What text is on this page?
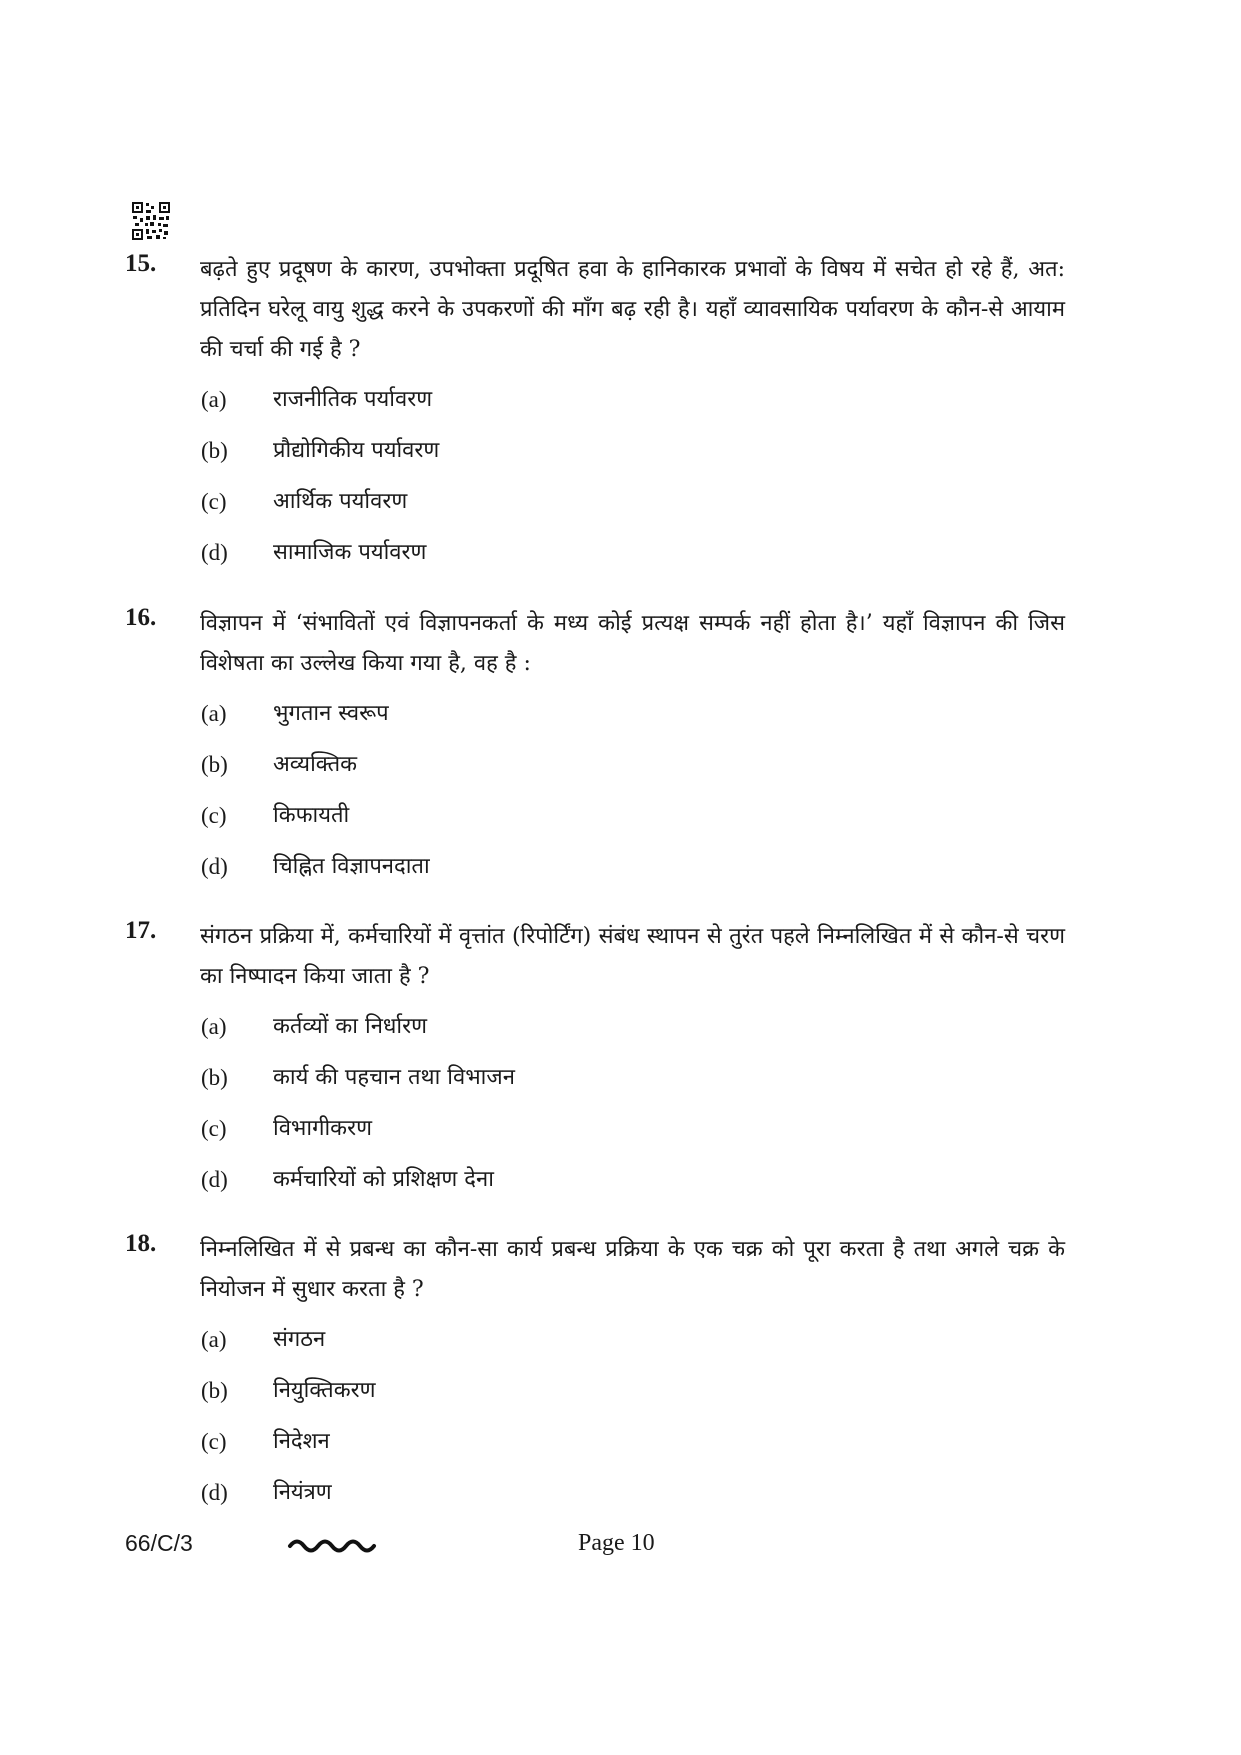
15. बढ़ते हुए प्रदूषण के कारण, उपभोक्ता प्रदूषित हवा के हानिकारक प्रभावों के विषय में सचेत हो रहे हैं, अत: प्रतिदिन घरेलू वायु शुद्ध करने के उपकरणों की माँग बढ़ रही है। यहाँ व्यावसायिक पर्यावरण के कौन-से आयाम की चर्चा की गई है ?
(a) राजनीतिक पर्यावरण
(b) प्रौद्योगिकीय पर्यावरण
(c) आर्थिक पर्यावरण
(d) सामाजिक पर्यावरण
16. विज्ञापन में ‘संभावितों एवं विज्ञापनकर्ता के मध्य कोई प्रत्यक्ष सम्पर्क नहीं होता है।’ यहाँ विज्ञापन की जिस विशेषता का उल्लेख किया गया है, वह है :
(a) भुगतान स्वरूप
(b) अव्यक्तिक
(c) किफायती
(d) चिह्नित विज्ञापनदाता
17. संगठन प्रक्रिया में, कर्मचारियों में वृत्तांत (रिपोर्टिंग) संबंध स्थापन से तुरंत पहले निम्नलिखित में से कौन-से चरण का निष्पादन किया जाता है ?
(a) कर्तव्यों का निर्धारण
(b) कार्य की पहचान तथा विभाजन
(c) विभागीकरण
(d) कर्मचारियों को प्रशिक्षण देना
18. निम्नलिखित में से प्रबन्ध का कौन-सा कार्य प्रबन्ध प्रक्रिया के एक चक्र को पूरा करता है तथा अगले चक्र के नियोजन में सुधार करता है ?
(a) संगठन
(b) नियुक्तिकरण
(c) निदेशन
(d) नियंत्रण
66/C/3	Page 10
